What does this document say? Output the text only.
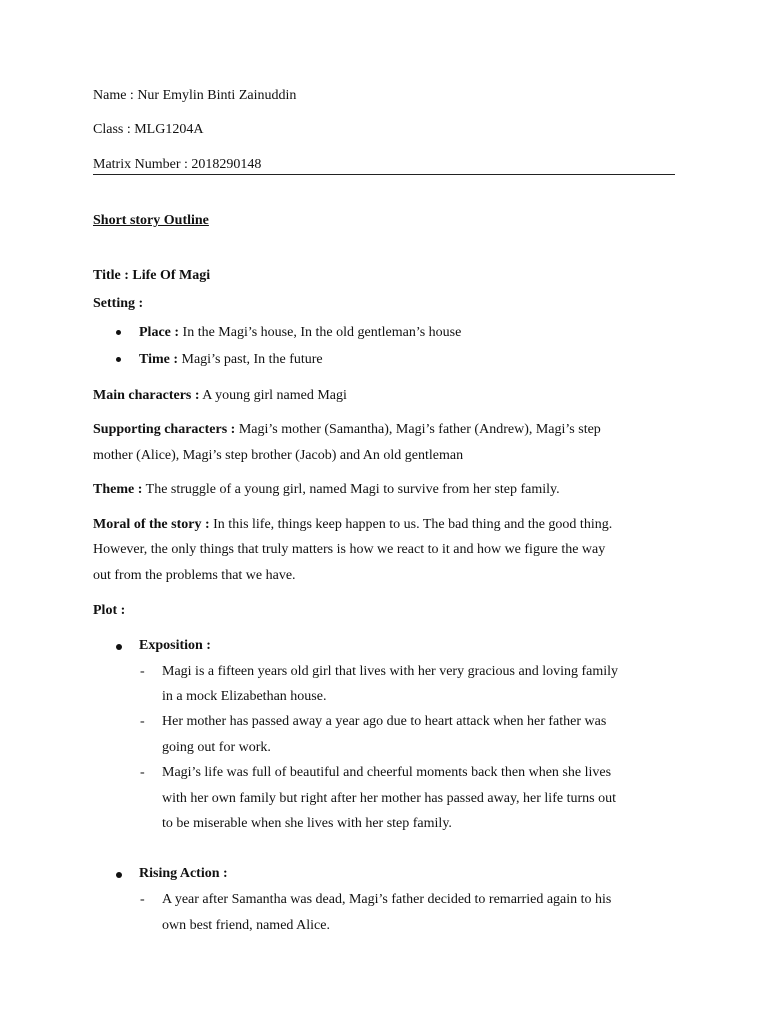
Name : Nur Emylin Binti Zainuddin
Class : MLG1204A
Matrix Number : 2018290148
Short story Outline
Title : Life Of Magi
Setting :
Place : In the Magi’s house, In the old gentleman’s house
Time : Magi’s past, In the future
Main characters : A young girl named Magi
Supporting characters : Magi’s mother (Samantha), Magi’s father (Andrew), Magi’s step
mother (Alice), Magi’s step brother (Jacob) and An old gentleman
Theme : The struggle of a young girl, named Magi to survive from her step family.
Moral of the story : In this life, things keep happen to us. The bad thing and the good thing.
However, the only things that truly matters is how we react to it and how we figure the way
out from the problems that we have.
Plot :
Exposition :
- Magi is a fifteen years old girl that lives with her very gracious and loving family
in a mock Elizabethan house.
- Her mother has passed away a year ago due to heart attack when her father was
going out for work.
- Magi’s life was full of beautiful and cheerful moments back then when she lives
with her own family but right after her mother has passed away, her life turns out
to be miserable when she lives with her step family.
Rising Action :
- A year after Samantha was dead, Magi’s father decided to remarried again to his
own best friend, named Alice.
